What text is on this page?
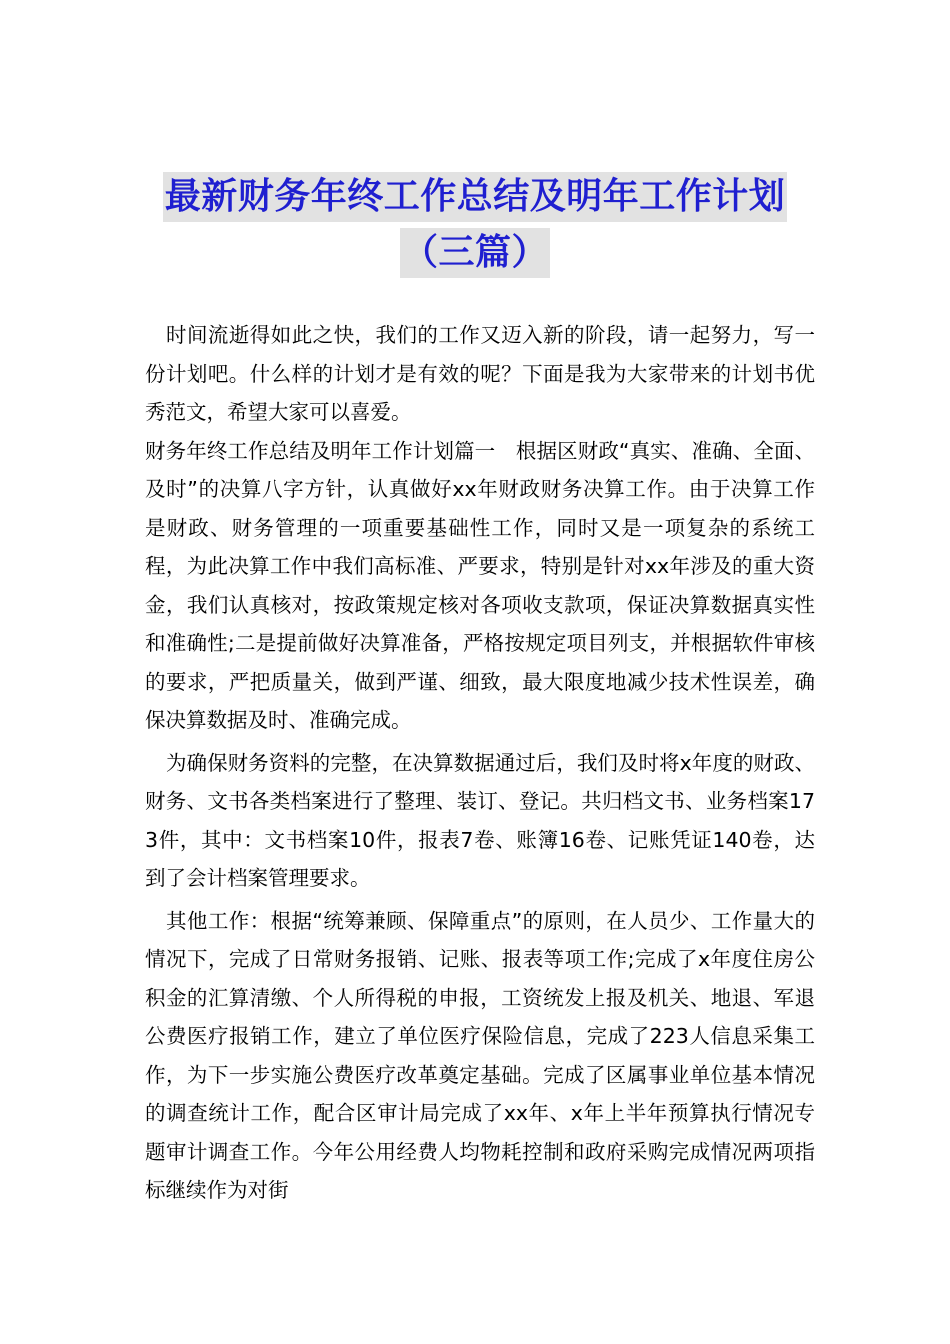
最新财务年终工作总结及明年工作计划
（三篇）

时间流逝得如此之快，我们的工作又迈入新的阶段，请一起努力，写一份计划吧。什么样的计划才是有效的呢？下面是我为大家带来的计划书优秀范文，希望大家可以喜爱。

财务年终工作总结及明年工作计划篇一　根据区财政“真实、准确、全面、及时”的决算八字方针，认真做好xx年财政财务决算工作。由于决算工作是财政、财务管理的一项重要基础性工作，同时又是一项复杂的系统工程，为此决算工作中我们高标准、严要求，特别是针对xx年涉及的重大资金，我们认真核对，按政策规定核对各项收支款项，保证决算数据真实性和准确性;二是提前做好决算准备，严格按规定项目列支，并根据软件审核的要求，严把质量关，做到严谨、细致，最大限度地减少技术性误差，确保决算数据及时、准确完成。

为确保财务资料的完整，在决算数据通过后，我们及时将x年度的财政、财务、文书各类档案进行了整理、装订、登记。共归档文书、业务档案173件，其中：文书档案10件，报表7卷、账簿16卷、记账凭证140卷，达到了会计档案管理要求。

其他工作：根据“统筹兼顾、保障重点”的原则，在人员少、工作量大的情况下，完成了日常财务报销、记账、报表等项工作;完成了x年度住房公积金的汇算清缴、个人所得税的申报，工资统发上报及机关、地退、军退公费医疗报销工作，建立了单位医疗保险信息，完成了223人信息采集工作，为下一步实施公费医疗改革奠定基础。完成了区属事业单位基本情况的调查统计工作，配合区审计局完成了xx年、x年上半年预算执行情况专题审计调查工作。今年公用经费人均物耗控制和政府采购完成情况两项指标继续作为对街
